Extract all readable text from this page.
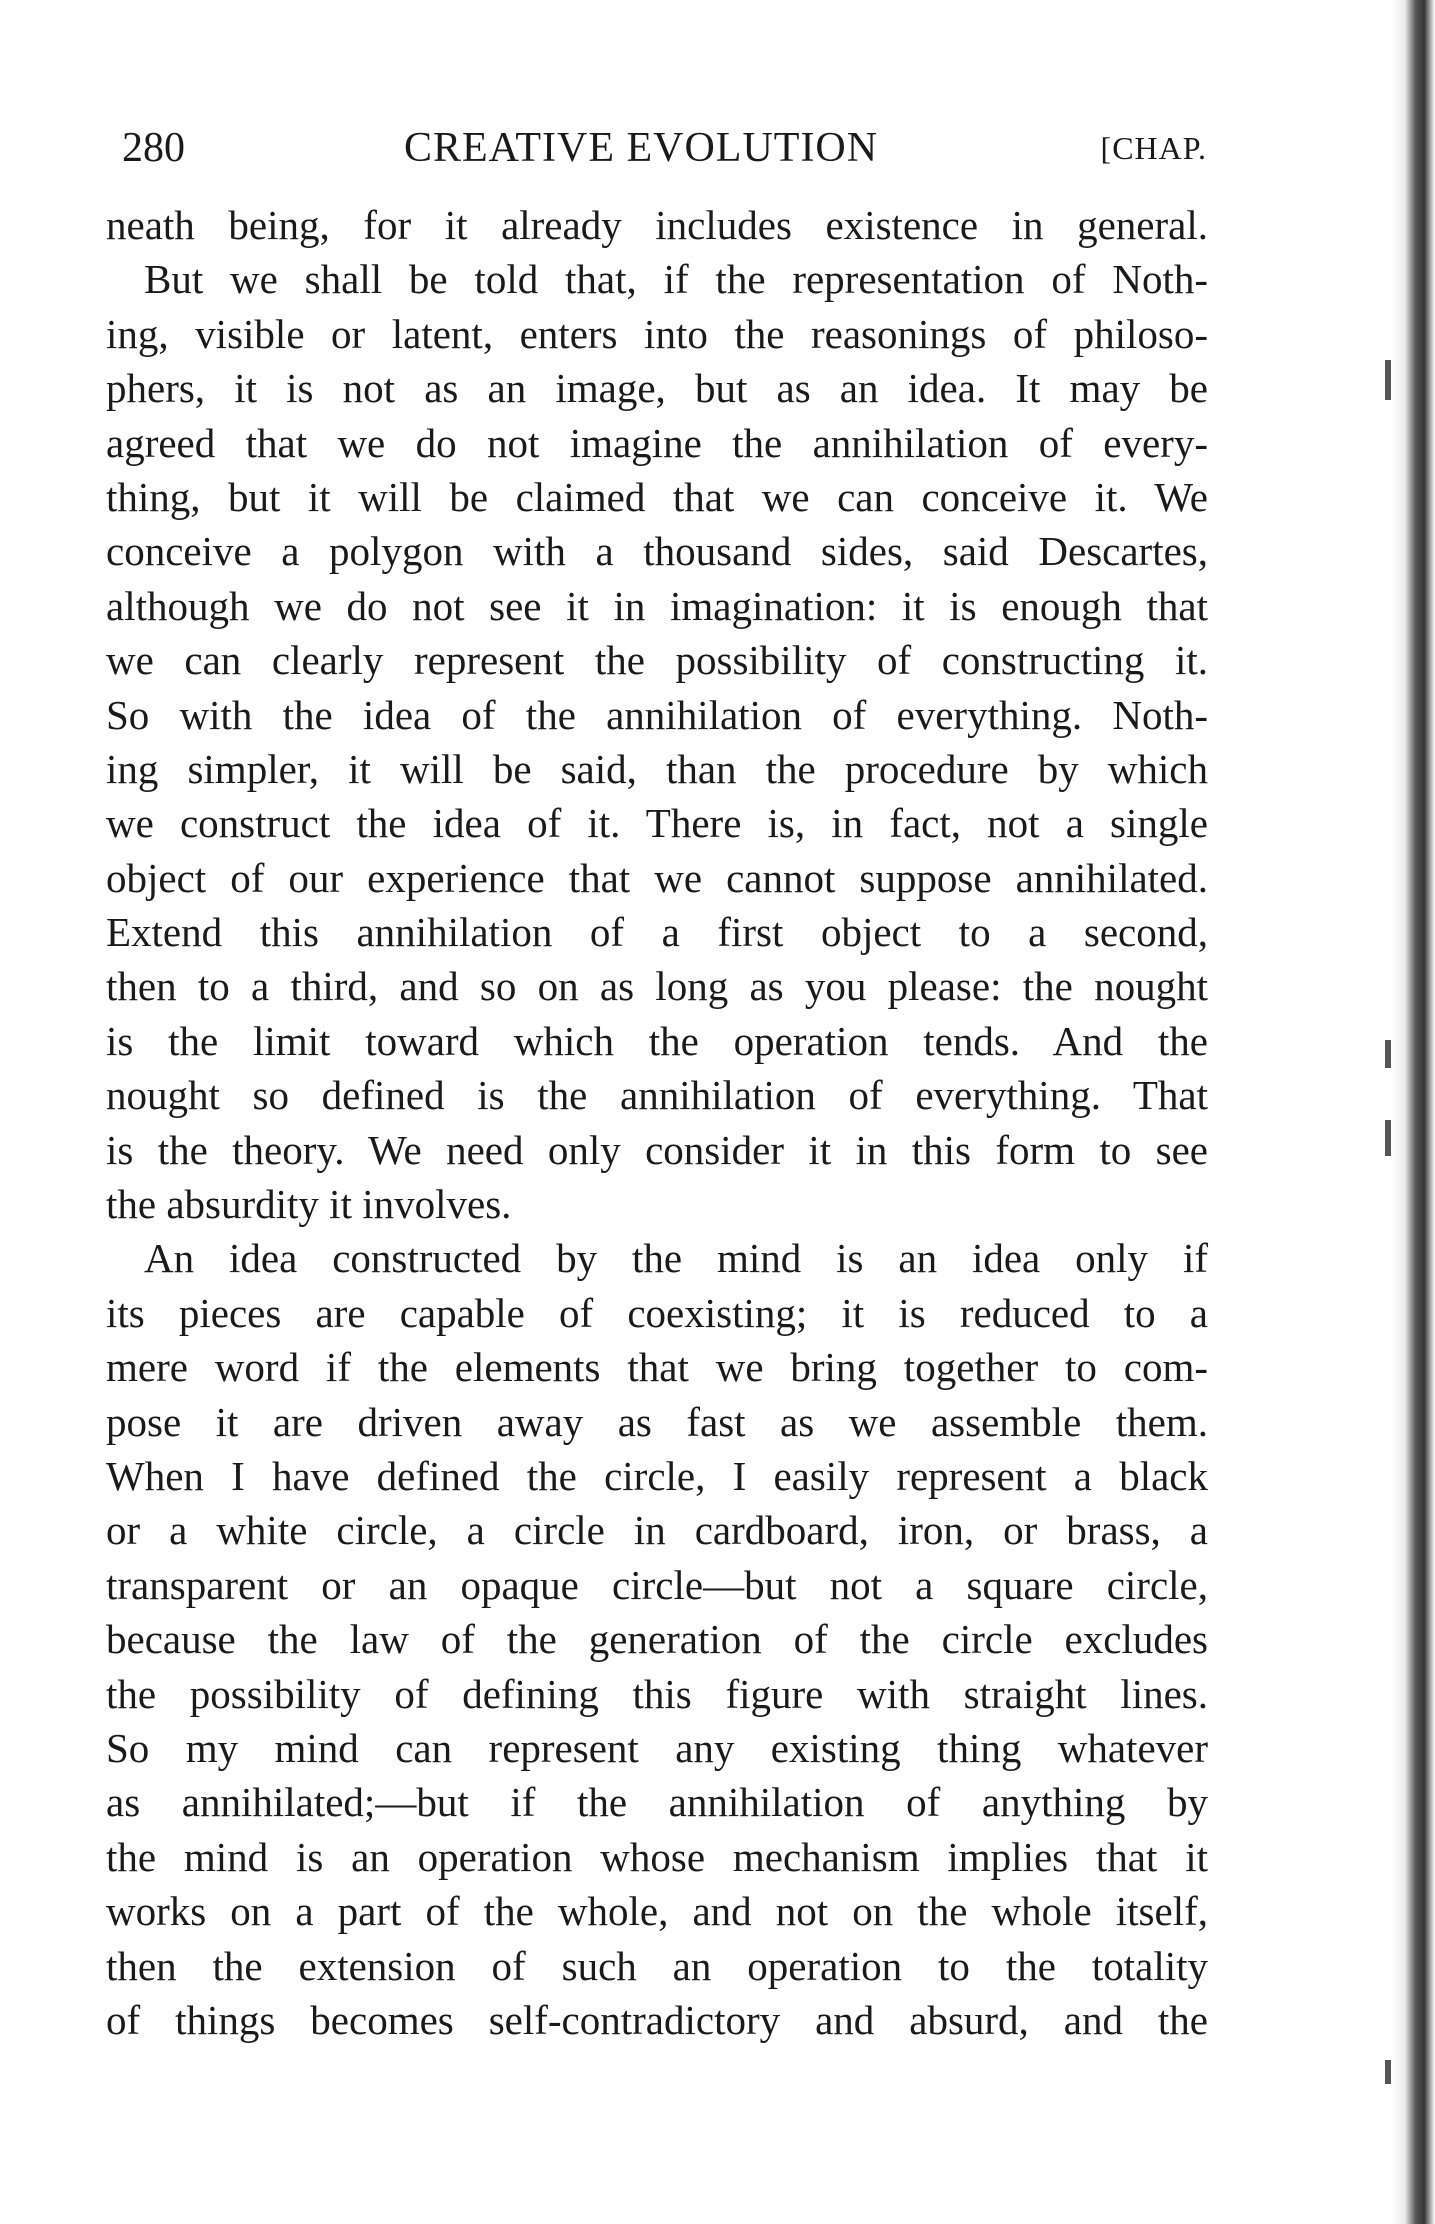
280	CREATIVE EVOLUTION	[CHAP.
neath being, for it already includes existence in general.
But we shall be told that, if the representation of Noth-
ing, visible or latent, enters into the reasonings of philoso-
phers, it is not as an image, but as an idea. It may be
agreed that we do not imagine the annihilation of every-
thing, but it will be claimed that we can conceive it. We
conceive a polygon with a thousand sides, said Descartes,
although we do not see it in imagination: it is enough that
we can clearly represent the possibility of constructing it.
So with the idea of the annihilation of everything. Noth-
ing simpler, it will be said, than the procedure by which
we construct the idea of it. There is, in fact, not a single
object of our experience that we cannot suppose annihilated.
Extend this annihilation of a first object to a second,
then to a third, and so on as long as you please: the nought
is the limit toward which the operation tends. And the
nought so defined is the annihilation of everything. That
is the theory. We need only consider it in this form to see
the absurdity it involves.
An idea constructed by the mind is an idea only if
its pieces are capable of coexisting; it is reduced to a
mere word if the elements that we bring together to com-
pose it are driven away as fast as we assemble them.
When I have defined the circle, I easily represent a black
or a white circle, a circle in cardboard, iron, or brass, a
transparent or an opaque circle—but not a square circle,
because the law of the generation of the circle excludes
the possibility of defining this figure with straight lines.
So my mind can represent any existing thing whatever
as annihilated;—but if the annihilation of anything by
the mind is an operation whose mechanism implies that it
works on a part of the whole, and not on the whole itself,
then the extension of such an operation to the totality
of things becomes self-contradictory and absurd, and the
